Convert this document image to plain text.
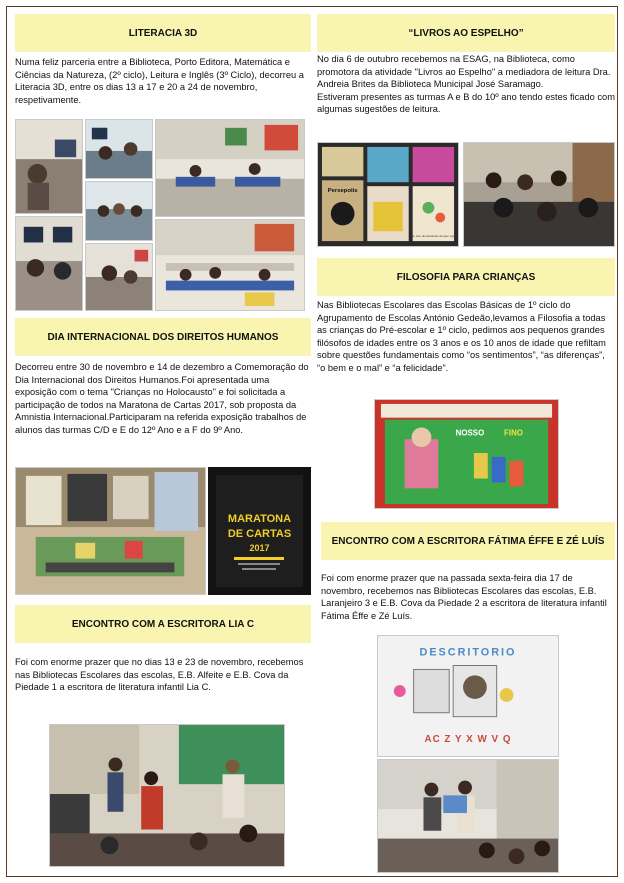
LITERACIA 3D
Numa feliz parceria entre a Biblioteca, Porto Editora, Matemática e Ciências da Natureza, (2º ciclo), Leitura e Inglês (3º Ciclo), decorreu a Literacia 3D, entre os dias 13 a 17 e 20 a 24 de novembro, respetivamente.
DIA INTERNACIONAL DOS DIREITOS HUMANOS
Decorreu entre 30 de novembro e 14 de dezembro a Comemoração do Dia Internacional dos Direitos Humanos.Foi apresentada uma exposição com o tema "Crianças no Holocausto" e foi solicitada a participação de todos na Maratona de Cartas 2017, sob proposta da Amnistia Internacional.Participaram na referida exposição trabalhos de alunos das turmas C/D e E do 12º Ano e a F do 9º Ano.
MARATONA
DE CARTAS
2017
ENCONTRO COM A ESCRITORA LIA C
Foi com enorme prazer que no dias 13 e 23 de novembro, recebemos nas Bibliotecas Escolares das escolas, E.B. Alfeite e E.B. Cova da Piedade 1 a escritora de literatura infantil Lia C.
“LIVROS AO ESPELHO”
No dia 6 de outubro recebemos na ESAG, na Biblioteca, como promotora da atividade "Livros ao Espelho" a mediadora de leitura Dra. Andreia Brites da Biblioteca Municipal José Saramago.
Estiveram presentes as turmas A e B do 10º ano tendo estes ficado com algumas sugestões de leitura.
Persepolis
Eu sou do tamanho do que vejo
FILOSOFIA PARA CRIANÇAS
Nas Bibliotecas Escolares das Escolas Básicas de 1º ciclo do Agrupamento de Escolas António Gedeão,levamos a Filosofia a todas as crianças do Pré-escolar e 1º ciclo, pedimos aos pequenos grandes filósofos de idades entre os 3 anos e os 10 anos de idade que refiltam sobre questões fundamentais como “os sentimentos”, “as diferenças”, “o bem e o mal” e “a felicidade”.
NOSSO FINO
ENCONTRO COM A ESCRITORA FÁTIMA ÉFFE E ZÉ LUÍS
Foi com enorme prazer que na passada sexta-feira dia 17 de novembro, recebemos nas Bibliotecas Escolares das escolas, E.B. Laranjeiro 3 e E.B. Cova da Piedade 2 a escritora de literatura infantil Fátima Éffe e Zé Luís.
DESCRITORIO
AC Z Y X W V Q
